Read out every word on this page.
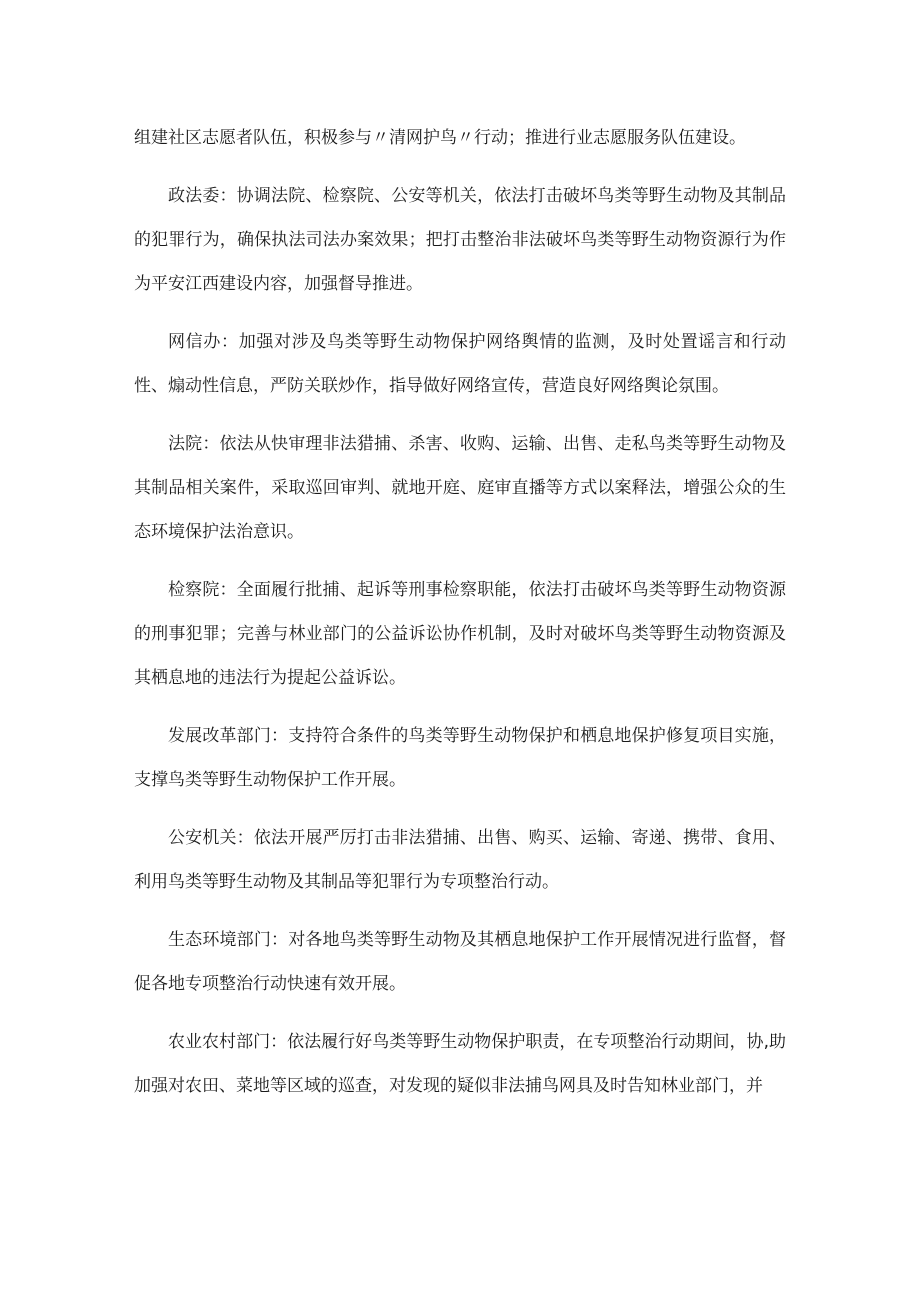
组建社区志愿者队伍，积极参与〃清网护鸟〃行动；推进行业志愿服务队伍建设。

政法委：协调法院、检察院、公安等机关，依法打击破坏鸟类等野生动物及其制品的犯罪行为，确保执法司法办案效果；把打击整治非法破坏鸟类等野生动物资源行为作为平安江西建设内容，加强督导推进。

网信办：加强对涉及鸟类等野生动物保护网络舆情的监测，及时处置谣言和行动性、煽动性信息，严防关联炒作，指导做好网络宣传，营造良好网络舆论氛围。

法院：依法从快审理非法猎捕、杀害、收购、运输、出售、走私鸟类等野生动物及其制品相关案件，采取巡回审判、就地开庭、庭审直播等方式以案释法，增强公众的生态环境保护法治意识。

检察院：全面履行批捕、起诉等刑事检察职能，依法打击破坏鸟类等野生动物资源的刑事犯罪；完善与林业部门的公益诉讼协作机制，及时对破坏鸟类等野生动物资源及其栖息地的违法行为提起公益诉讼。

发展改革部门：支持符合条件的鸟类等野生动物保护和栖息地保护修复项目实施，支撑鸟类等野生动物保护工作开展。

公安机关：依法开展严厉打击非法猎捕、出售、购买、运输、寄递、携带、食用、利用鸟类等野生动物及其制品等犯罪行为专项整治行动。

生态环境部门：对各地鸟类等野生动物及其栖息地保护工作开展情况进行监督，督促各地专项整治行动快速有效开展。

农业农村部门：依法履行好鸟类等野生动物保护职责，在专项整治行动期间，协,助加强对农田、菜地等区域的巡查，对发现的疑似非法捕鸟网具及时告知林业部门，并
